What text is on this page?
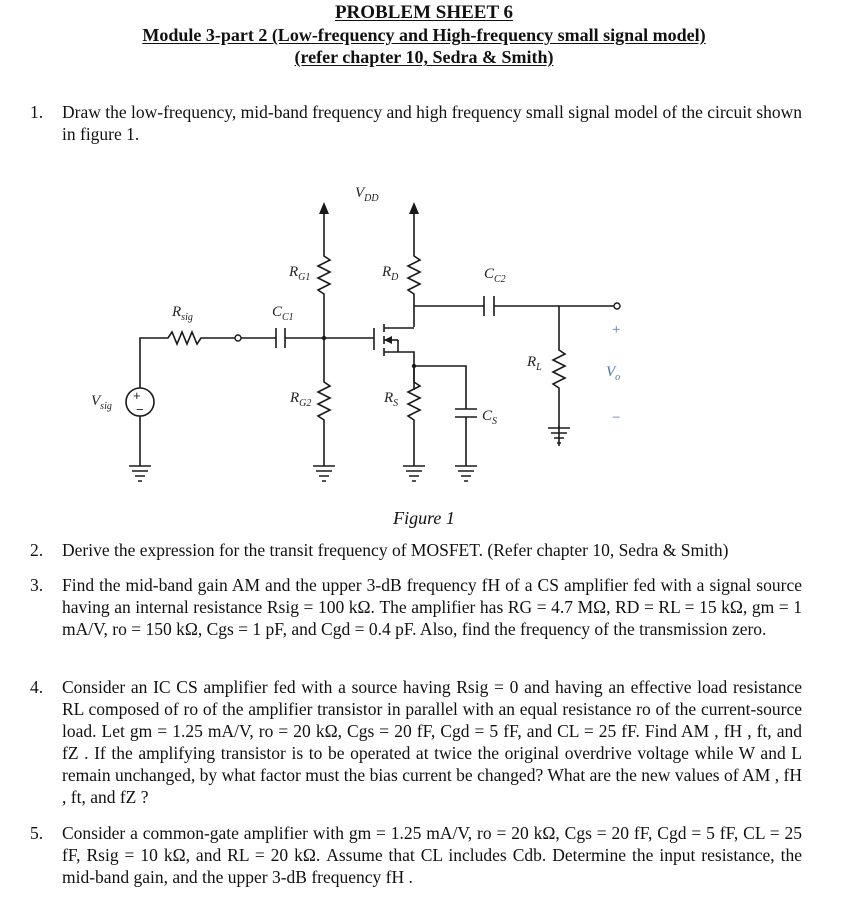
PROBLEM SHEET 6
Module 3-part 2 (Low-frequency and High-frequency small signal model)
(refer chapter 10, Sedra & Smith)
1. Draw the low-frequency, mid-band frequency and high frequency small signal model of the circuit shown in figure 1.
$V_{DD}$
$R_{G1}$	$R_D$	$C_{C2}$
$R_L$
+
$V_o$
−
$R_{sig}$	$C_{C1}$
+
−
$V_{sig}$
$R_{G2}$	$R_S$
$C_S$
Figure 1
2. Derive the expression for the transit frequency of MOSFET. (Refer chapter 10, Sedra & Smith)
3. Find the mid-band gain AM and the upper 3-dB frequency fH of a CS amplifier fed with a signal source having an internal resistance Rsig = 100 kΩ. The amplifier has RG = 4.7 MΩ, RD = RL = 15 kΩ, gm = 1 mA/V, ro = 150 kΩ, Cgs = 1 pF, and Cgd = 0.4 pF. Also, find the frequency of the transmission zero.
4. Consider an IC CS amplifier fed with a source having Rsig = 0 and having an effective load resistance RL composed of ro of the amplifier transistor in parallel with an equal resistance ro of the current-source load. Let gm = 1.25 mA/V, ro = 20 kΩ, Cgs = 20 fF, Cgd = 5 fF, and CL = 25 fF. Find AM , fH , ft, and fZ . If the amplifying transistor is to be operated at twice the original overdrive voltage while W and L remain unchanged, by what factor must the bias current be changed? What are the new values of AM , fH , ft, and fZ ?
5. Consider a common-gate amplifier with gm = 1.25 mA/V, ro = 20 kΩ, Cgs = 20 fF, Cgd = 5 fF, CL = 25 fF, Rsig = 10 kΩ, and RL = 20 kΩ. Assume that CL includes Cdb. Determine the input resistance, the mid-band gain, and the upper 3-dB frequency fH .
